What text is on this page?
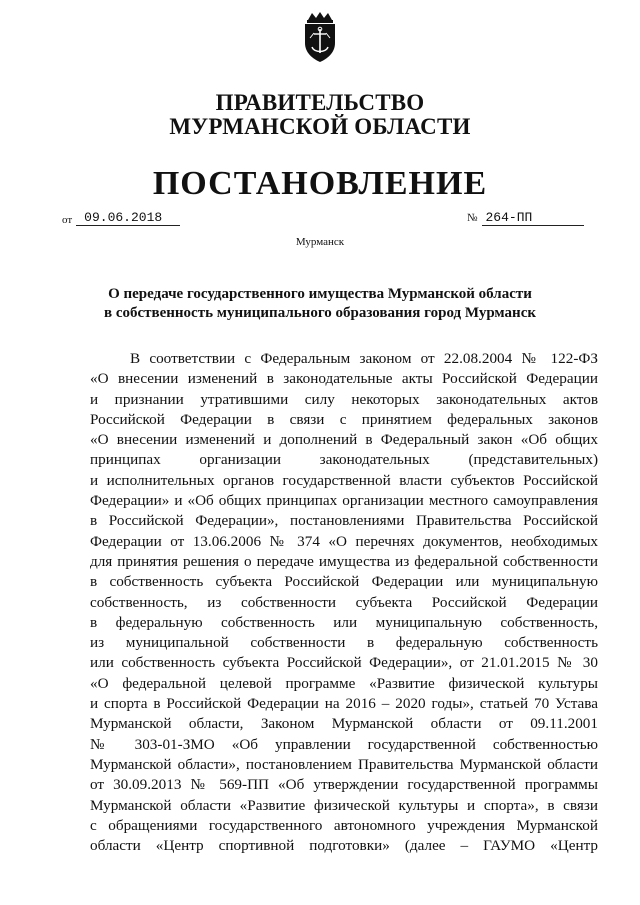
ПРАВИТЕЛЬСТВО
МУРМАНСКОЙ ОБЛАСТИ
ПОСТАНОВЛЕНИЕ
от 09.06.2018	№ 264-ПП
Мурманск
О передаче государственного имущества Мурманской области
в собственность муниципального образования город Мурманск
В соответствии с Федеральным законом от 22.08.2004 № 122-ФЗ
«О внесении изменений в законодательные акты Российской Федерации
и признании утратившими силу некоторых законодательных актов
Российской Федерации в связи с принятием федеральных законов
«О внесении изменений и дополнений в Федеральный закон «Об общих
принципах организации законодательных (представительных)
и исполнительных органов государственной власти субъектов Российской
Федерации» и «Об общих принципах организации местного самоуправления
в Российской Федерации», постановлениями Правительства Российской
Федерации от 13.06.2006 № 374 «О перечнях документов, необходимых
для принятия решения о передаче имущества из федеральной собственности
в собственность субъекта Российской Федерации или муниципальную
собственность, из собственности субъекта Российской Федерации
в федеральную собственность или муниципальную собственность,
из муниципальной собственности в федеральную собственность
или собственность субъекта Российской Федерации», от 21.01.2015 № 30
«О федеральной целевой программе «Развитие физической культуры
и спорта в Российской Федерации на 2016 – 2020 годы», статьей 70 Устава
Мурманской области, Законом Мурманской области от 09.11.2001
№ 303-01-ЗМО «Об управлении государственной собственностью
Мурманской области», постановлением Правительства Мурманской области
от 30.09.2013 № 569-ПП «Об утверждении государственной программы
Мурманской области «Развитие физической культуры и спорта», в связи
с обращениями государственного автономного учреждения Мурманской
области «Центр спортивной подготовки» (далее – ГАУМО «Центр
